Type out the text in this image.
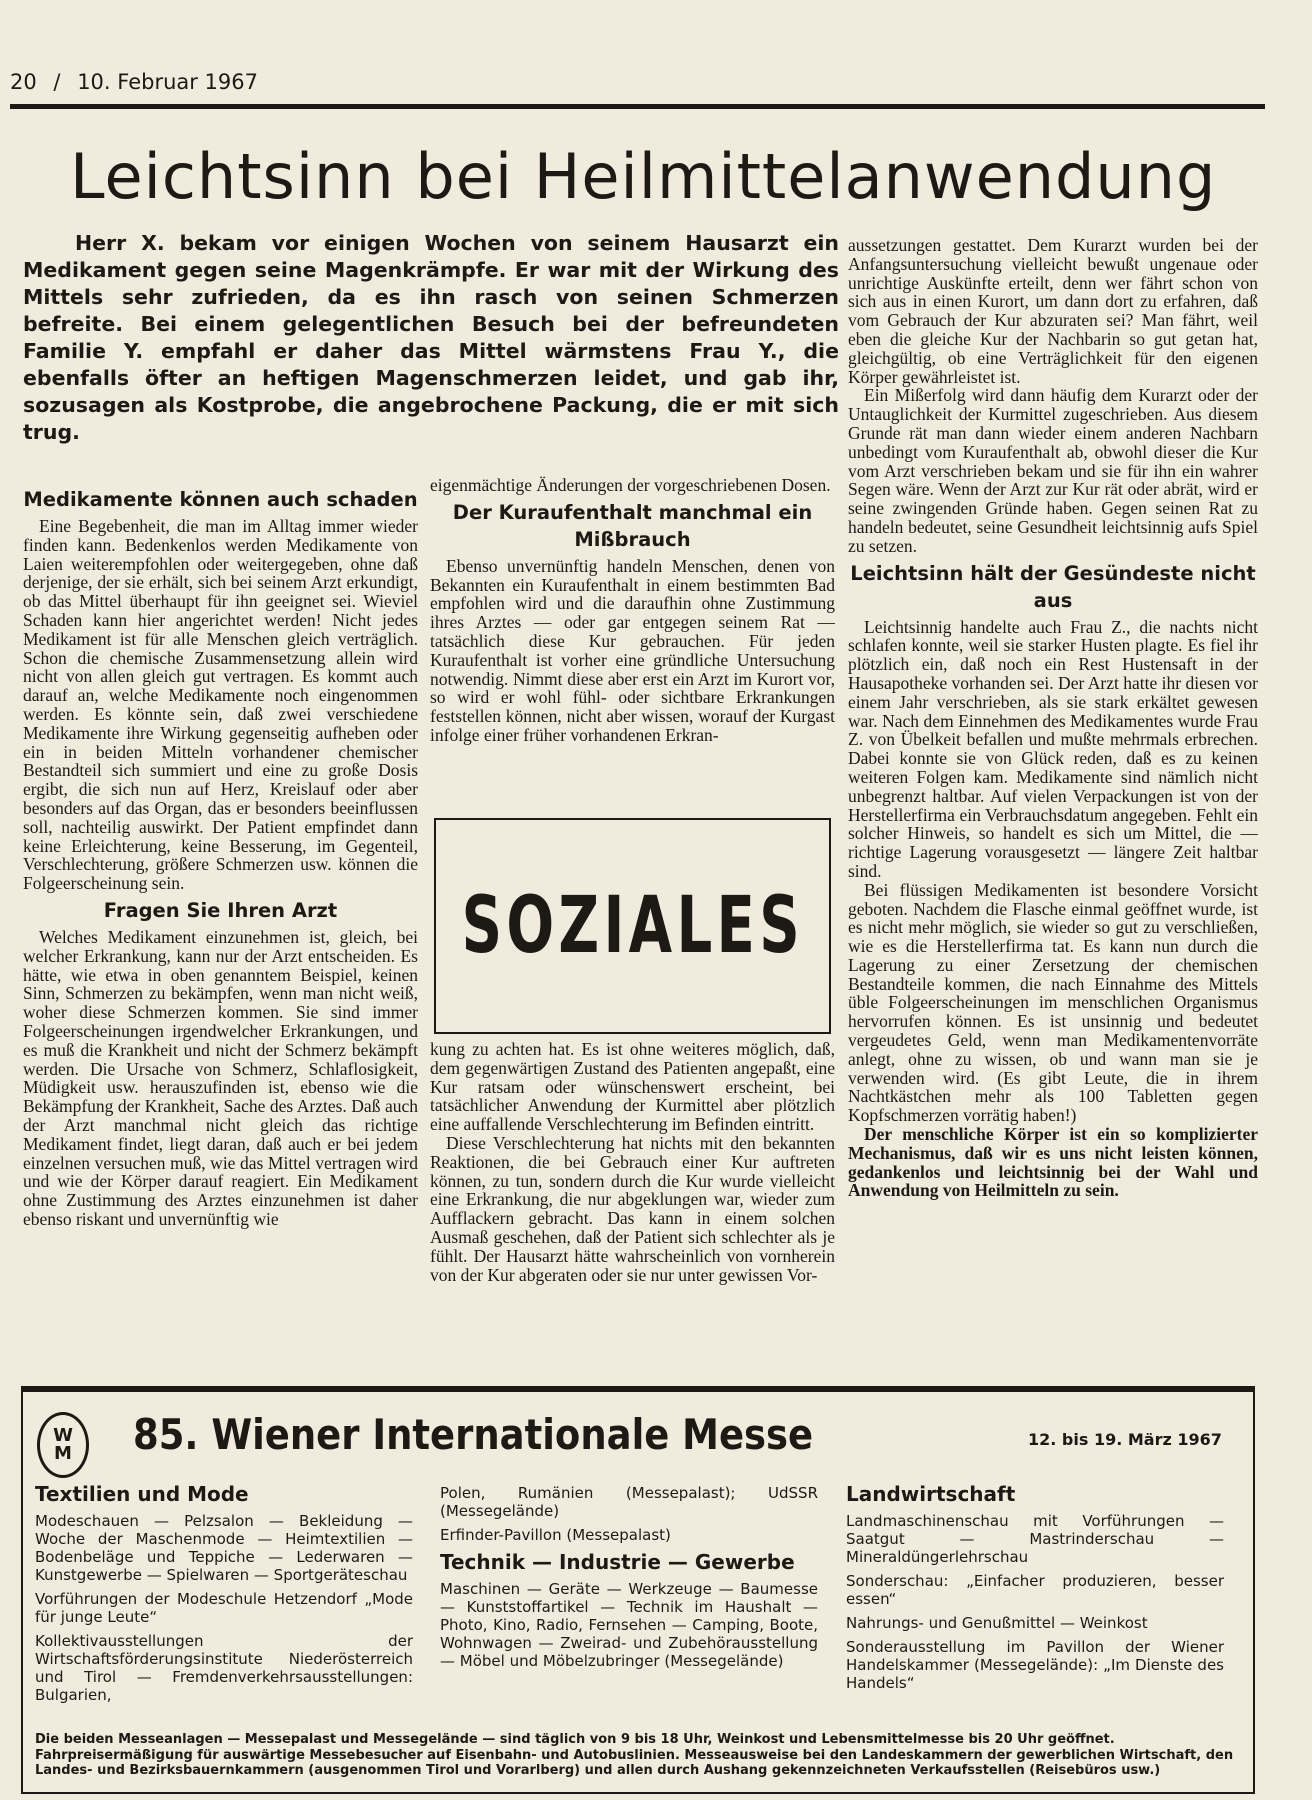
20 / 10. Februar 1967
Leichtsinn bei Heilmittelanwendung

Herr X. bekam vor einigen Wochen von seinem Hausarzt ein Medikament gegen seine Magenkrämpfe. Er war mit der Wirkung des Mittels sehr zufrieden, da es ihn rasch von seinen Schmerzen befreite. Bei einem gelegentlichen Besuch bei der befreundeten Familie Y. empfahl er daher das Mittel wärmstens Frau Y., die ebenfalls öfter an heftigen Magenschmerzen leidet, und gab ihr, sozusagen als Kostprobe, die angebrochene Packung, die er mit sich trug.

Medikamente können auch schaden

Eine Begebenheit, die man im Alltag immer wieder finden kann. Bedenkenlos werden Medikamente von Laien weiterempfohlen oder weitergegeben, ohne daß derjenige, der sie erhält, sich bei seinem Arzt erkundigt, ob das Mittel überhaupt für ihn geeignet sei. Wieviel Schaden kann hier angerichtet werden! Nicht jedes Medikament ist für alle Menschen gleich verträglich. Schon die chemische Zusammensetzung allein wird nicht von allen gleich gut vertragen. Es kommt auch darauf an, welche Medikamente noch eingenommen werden. Es könnte sein, daß zwei verschiedene Medikamente ihre Wirkung gegenseitig aufheben oder ein in beiden Mitteln vorhandener chemischer Bestandteil sich summiert und eine zu große Dosis ergibt, die sich nun auf Herz, Kreislauf oder aber besonders auf das Organ, das er besonders beeinflussen soll, nachteilig auswirkt. Der Patient empfindet dann keine Erleichterung, keine Besserung, im Gegenteil, Verschlechterung, größere Schmerzen usw. können die Folgeerscheinung sein.

Fragen Sie Ihren Arzt

Welches Medikament einzunehmen ist, gleich, bei welcher Erkrankung, kann nur der Arzt entscheiden. Es hätte, wie etwa in oben genanntem Beispiel, keinen Sinn, Schmerzen zu bekämpfen, wenn man nicht weiß, woher diese Schmerzen kommen. Sie sind immer Folgeerscheinungen irgendwelcher Erkrankungen, und es muß die Krankheit und nicht der Schmerz bekämpft werden. Die Ursache von Schmerz, Schlaflosigkeit, Müdigkeit usw. herauszufinden ist, ebenso wie die Bekämpfung der Krankheit, Sache des Arztes. Daß auch der Arzt manchmal nicht gleich das richtige Medikament findet, liegt daran, daß auch er bei jedem einzelnen versuchen muß, wie das Mittel vertragen wird und wie der Körper darauf reagiert. Ein Medikament ohne Zustimmung des Arztes einzunehmen ist daher ebenso riskant und unvernünftig wie

eigenmächtige Änderungen der vorgeschriebenen Dosen.

Der Kuraufenthalt manchmal ein Mißbrauch

Ebenso unvernünftig handeln Menschen, denen von Bekannten ein Kuraufenthalt in einem bestimmten Bad empfohlen wird und die daraufhin ohne Zustimmung ihres Arztes — oder gar entgegen seinem Rat — tatsächlich diese Kur gebrauchen. Für jeden Kuraufenthalt ist vorher eine gründliche Untersuchung notwendig. Nimmt diese aber erst ein Arzt im Kurort vor, so wird er wohl fühl- oder sichtbare Erkrankungen feststellen können, nicht aber wissen, worauf der Kurgast infolge einer früher vorhandenen Erkran-

SOZIALES

kung zu achten hat. Es ist ohne weiteres möglich, daß, dem gegenwärtigen Zustand des Patienten angepaßt, eine Kur ratsam oder wünschenswert erscheint, bei tatsächlicher Anwendung der Kurmittel aber plötzlich eine auffallende Verschlechterung im Befinden eintritt.

Diese Verschlechterung hat nichts mit den bekannten Reaktionen, die bei Gebrauch einer Kur auftreten können, zu tun, sondern durch die Kur wurde vielleicht eine Erkrankung, die nur abgeklungen war, wieder zum Aufflackern gebracht. Das kann in einem solchen Ausmaß geschehen, daß der Patient sich schlechter als je fühlt. Der Hausarzt hätte wahrscheinlich von vornherein von der Kur abgeraten oder sie nur unter gewissen Vor-

aussetzungen gestattet. Dem Kurarzt wurden bei der Anfangsuntersuchung vielleicht bewußt ungenaue oder unrichtige Auskünfte erteilt, denn wer fährt schon von sich aus in einen Kurort, um dann dort zu erfahren, daß vom Gebrauch der Kur abzuraten sei? Man fährt, weil eben die gleiche Kur der Nachbarin so gut getan hat, gleichgültig, ob eine Verträglichkeit für den eigenen Körper gewährleistet ist.

Ein Mißerfolg wird dann häufig dem Kurarzt oder der Untauglichkeit der Kurmittel zugeschrieben. Aus diesem Grunde rät man dann wieder einem anderen Nachbarn unbedingt vom Kuraufenthalt ab, obwohl dieser die Kur vom Arzt verschrieben bekam und sie für ihn ein wahrer Segen wäre. Wenn der Arzt zur Kur rät oder abrät, wird er seine zwingenden Gründe haben. Gegen seinen Rat zu handeln bedeutet, seine Gesundheit leichtsinnig aufs Spiel zu setzen.

Leichtsinn hält der Gesündeste nicht aus

Leichtsinnig handelte auch Frau Z., die nachts nicht schlafen konnte, weil sie starker Husten plagte. Es fiel ihr plötzlich ein, daß noch ein Rest Hustensaft in der Hausapotheke vorhanden sei. Der Arzt hatte ihr diesen vor einem Jahr verschrieben, als sie stark erkältet gewesen war. Nach dem Einnehmen des Medikamentes wurde Frau Z. von Übelkeit befallen und mußte mehrmals erbrechen. Dabei konnte sie von Glück reden, daß es zu keinen weiteren Folgen kam. Medikamente sind nämlich nicht unbegrenzt haltbar. Auf vielen Verpackungen ist von der Herstellerfirma ein Verbrauchsdatum angegeben. Fehlt ein solcher Hinweis, so handelt es sich um Mittel, die — richtige Lagerung vorausgesetzt — längere Zeit haltbar sind.

Bei flüssigen Medikamenten ist besondere Vorsicht geboten. Nachdem die Flasche einmal geöffnet wurde, ist es nicht mehr möglich, sie wieder so gut zu verschließen, wie es die Herstellerfirma tat. Es kann nun durch die Lagerung zu einer Zersetzung der chemischen Bestandteile kommen, die nach Einnahme des Mittels üble Folgeerscheinungen im menschlichen Organismus hervorrufen können. Es ist unsinnig und bedeutet vergeudetes Geld, wenn man Medikamentenvorräte anlegt, ohne zu wissen, ob und wann man sie je verwenden wird. (Es gibt Leute, die in ihrem Nachtkästchen mehr als 100 Tabletten gegen Kopfschmerzen vorrätig haben!)

Der menschliche Körper ist ein so komplizierter Mechanismus, daß wir es uns nicht leisten können, gedankenlos und leichtsinnig bei der Wahl und Anwendung von Heilmitteln zu sein.

W
M 85. Wiener Internationale Messe	12. bis 19. März 1967
Textilien und Mode

Modeschauen — Pelzsalon — Bekleidung — Woche der Maschenmode — Heimtextilien — Bodenbeläge und Teppiche — Lederwaren — Kunstgewerbe — Spielwaren — Sportgeräteschau

Vorführungen der Modeschule Hetzendorf „Mode für junge Leute“

Kollektivausstellungen der Wirtschaftsförderungsinstitute Niederösterreich und Tirol — Fremdenverkehrsausstellungen: Bulgarien,

Polen, Rumänien (Messepalast); UdSSR (Messegelände)

Erfinder-Pavillon (Messepalast)

Technik — Industrie — Gewerbe

Maschinen — Geräte — Werkzeuge — Baumesse — Kunststoffartikel — Technik im Haushalt — Photo, Kino, Radio, Fernsehen — Camping, Boote, Wohnwagen — Zweirad- und Zubehörausstellung — Möbel und Möbelzubringer (Messegelände)

Landwirtschaft

Landmaschinenschau mit Vorführungen — Saatgut — Mastrinderschau — Mineraldüngerlehrschau

Sonderschau: „Einfacher produzieren, besser essen“

Nahrungs- und Genußmittel — Weinkost

Sonderausstellung im Pavillon der Wiener Handelskammer (Messegelände): „Im Dienste des Handels“

Die beiden Messeanlagen — Messepalast und Messegelände — sind täglich von 9 bis 18 Uhr, Weinkost und Lebensmittelmesse bis 20 Uhr geöffnet.

Fahrpreisermäßigung für auswärtige Messebesucher auf Eisenbahn- und Autobuslinien. Messeausweise bei den Landeskammern der gewerblichen Wirtschaft, den Landes- und Bezirksbauernkammern (ausgenommen Tirol und Vorarlberg) und allen durch Aushang gekennzeichneten Verkaufsstellen (Reisebüros usw.)
